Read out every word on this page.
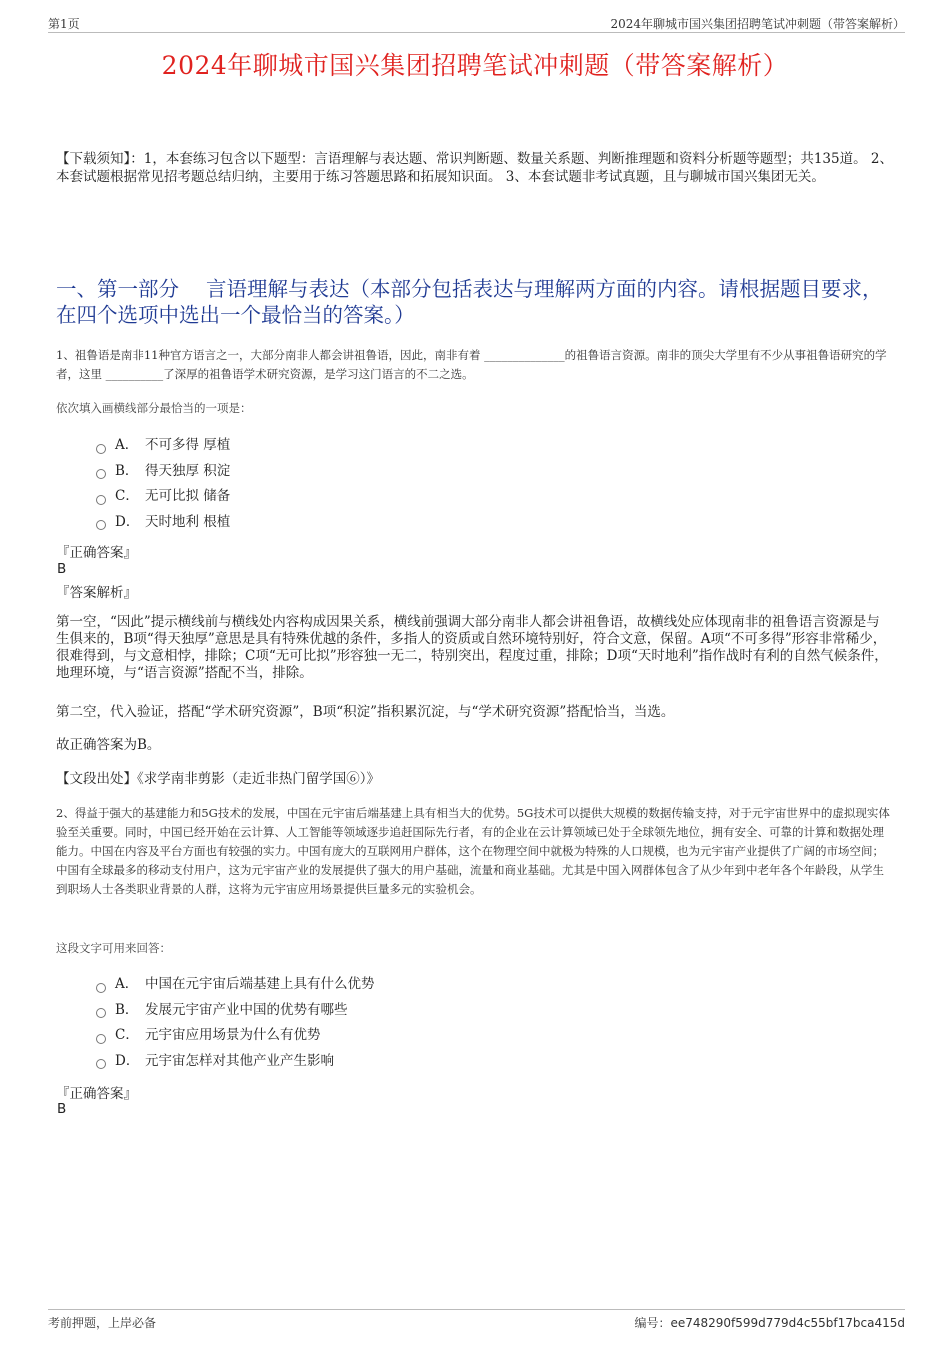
第1页	2024年聊城市国兴集团招聘笔试冲刺题（带答案解析）
2024年聊城市国兴集团招聘笔试冲刺题（带答案解析）
【下载须知】：1，本套练习包含以下题型：言语理解与表达题、常识判断题、数量关系题、判断推理题和资料分析题等题型；共135道。 2、本套试题根据常见招考题总结归纳，主要用于练习答题思路和拓展知识面。 3、本套试题非考试真题，且与聊城市国兴集团无关。
一、第一部分　 言语理解与表达（本部分包括表达与理解两方面的内容。请根据题目要求，在四个选项中选出一个最恰当的答案。）
1、祖鲁语是南非11种官方语言之一，大部分南非人都会讲祖鲁语，因此，南非有着 ______________的祖鲁语言资源。南非的顶尖大学里有不少从事祖鲁语研究的学者，这里 __________了深厚的祖鲁语学术研究资源，是学习这门语言的不二之选。
依次填入画横线部分最恰当的一项是：
A． 不可多得 厚植
B． 得天独厚 积淀
C． 无可比拟 储备
D． 天时地利 根植
『正确答案』
B
『答案解析』
第一空，“因此”提示横线前与横线处内容构成因果关系，横线前强调大部分南非人都会讲祖鲁语，故横线处应体现南非的祖鲁语言资源是与生俱来的，B项“得天独厚”意思是具有特殊优越的条件，多指人的资质或自然环境特别好，符合文意，保留。A项“不可多得”形容非常稀少，很难得到，与文意相悖，排除；C项“无可比拟”形容独一无二，特别突出，程度过重，排除；D项“天时地利”指作战时有利的自然气候条件，地理环境，与“语言资源”搭配不当，排除。
第二空，代入验证，搭配“学术研究资源”，B项“积淀”指积累沉淀，与“学术研究资源”搭配恰当，当选。
故正确答案为B。
【文段出处】《求学南非剪影（走近非热门留学国⑥）》
2、得益于强大的基建能力和5G技术的发展，中国在元宇宙后端基建上具有相当大的优势。5G技术可以提供大规模的数据传输支持，对于元宇宙世界中的虚拟现实体验至关重要。同时，中国已经开始在云计算、人工智能等领域逐步追赶国际先行者，有的企业在云计算领域已处于全球领先地位，拥有安全、可靠的计算和数据处理能力。中国在内容及平台方面也有较强的实力。中国有庞大的互联网用户群体，这个在物理空间中就极为特殊的人口规模，也为元宇宙产业提供了广阔的市场空间；中国有全球最多的移动支付用户，这为元宇宙产业的发展提供了强大的用户基础，流量和商业基础。尤其是中国入网群体包含了从少年到中老年各个年龄段，从学生到职场人士各类职业背景的人群，这将为元宇宙应用场景提供巨量多元的实验机会。
这段文字可用来回答：
A． 中国在元宇宙后端基建上具有什么优势
B． 发展元宇宙产业中国的优势有哪些
C． 元宇宙应用场景为什么有优势
D． 元宇宙怎样对其他产业产生影响
『正确答案』
B
考前押题，上岸必备	编号：ee748290f599d779d4c55bf17bca415d
